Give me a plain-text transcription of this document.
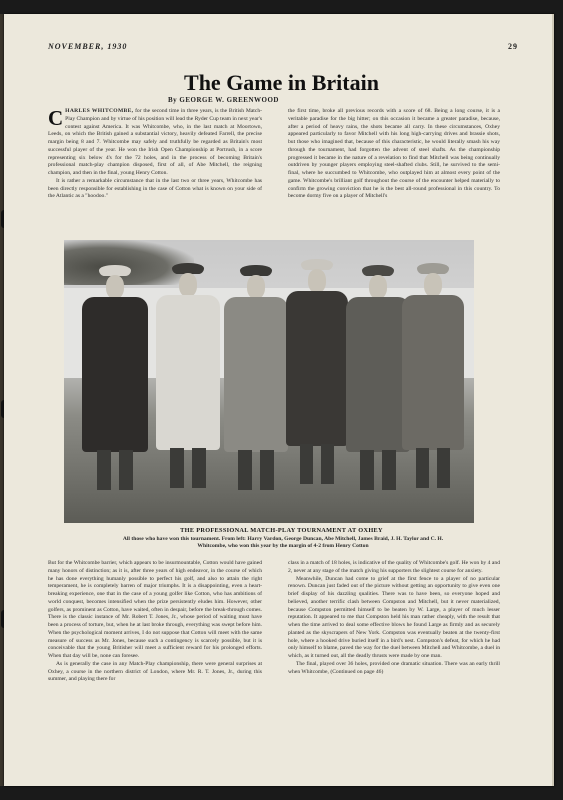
NOVEMBER, 1930	29
The Game in Britain
By GEORGE W. GREENWOOD

CHARLES WHITCOMBE, for the second time in three years, is the British Match-Play Champion and by virtue of his position will lead the Ryder Cup team in next year's contest against America. It was Whitcombe, who, in the last match at Moortown, Leeds, on which the British gained a substantial victory, heavily defeated Farrell, the precise margin being 8 and 7. Whitcombe may safely and truthfully be regarded as Britain's most successful player of the year. He won the Irish Open Championship at Portrush, in a score representing six below 4's for the 72 holes, and in the process of becoming Britain's professional match-play champion disposed, first of all, of Abe Mitchell, the reigning champion, and then in the final, young Henry Cotton.

It is rather a remarkable circumstance that in the last two or three years, Whitcombe has been directly responsible for establishing in the case of Cotton what is known on your side of the Atlantic as a "hoodoo."

the first time, broke all previous records with a score of 68. Being a long course, it is a veritable paradise for the big hitter; on this occasion it became a greater paradise, because, after a period of heavy rains, the shots became all carry. In these circumstances, Oxhey appeared particularly to favor Mitchell with his long high-carrying drives and brassie shots, but those who imagined that, because of this characteristic, he would literally smash his way through the tournament, had forgotten the advent of steel shafts. As the championship progressed it became in the nature of a revelation to find that Mitchell was being continually outdriven by younger players employing steel-shafted clubs. Still, he survived to the semi-final, where he succumbed to Whitcombe, who outplayed him at almost every point of the game. Whitcombe's brilliant golf throughout the course of the encounter helped materially to confirm the growing conviction that he is the best all-round professional in this country. To become dormy five on a player of Mitchell's

THE PROFESSIONAL MATCH-PLAY TOURNAMENT AT OXHEY
All those who have won this tournament. From left: Harry Vardon, George Duncan, Abe Mitchell, James Braid, J. H. Taylor and C. H. Whitcombe, who won this year by the margin of 4-2 from Henry Cotton

But for the Whitcombe barrier, which appears to be insurmountable, Cotton would have gained many honors of distinction; as it is, after three years of high endeavor, in the course of which he has done everything humanly possible to perfect his golf, and also to attain the right temperament, he is completely barren of major triumphs. It is a disappointing, even a heart-breaking experience, one that in the case of a young golfer like Cotton, who has ambitions of world conquest, becomes intensified when the prize persistently eludes him. However, other golfers, as prominent as Cotton, have waited, often in despair, before the break-through comes. There is the classic instance of Mr. Robert T. Jones, Jr., whose period of waiting must have been a process of torture, but, when he at last broke through, everything was swept before him. When the psychological moment arrives, I do not suppose that Cotton will meet with the same measure of success as Mr. Jones, because such a contingency is scarcely possible, but it is conceivable that the young Britisher will meet a sufficient reward for his prolonged efforts. When that day will be, none can foresee.

As is generally the case in any Match-Play championship, there were general surprises at Oxhey, a course in the northern district of London, where Mr. R. T. Jones, Jr., during this summer, and playing there for

class in a match of 18 holes, is indicative of the quality of Whitcombe's golf. He won by 4 and 2, never at any stage of the match giving his supporters the slightest course for anxiety.

Meanwhile, Duncan had come to grief at the first fence to a player of no particular renown. Duncan just faded out of the picture without getting an opportunity to give even one brief display of his dazzling qualities. There was to have been, so everyone hoped and believed, another terrific clash between Compston and Mitchell, but it never materialized, because Compston permitted himself to be beaten by W. Large, a player of much lesser reputation. It appeared to me that Compston held his man rather cheaply, with the result that when the time arrived to deal some effective blows he found Large as firmly and as securely planted as the skyscrapers of New York. Compston was eventually beaten at the twenty-first hole, where a hooked drive buried itself in a bird's nest. Compston's defeat, for which he had only himself to blame, paved the way for the duel between Mitchell and Whitcombe, a duel in which, as it turned out, all the deadly thrusts were made by one man.

The final, played over 36 holes, provided one dramatic situation. There was an early thrill when Whitcombe, (Continued on page 46)
